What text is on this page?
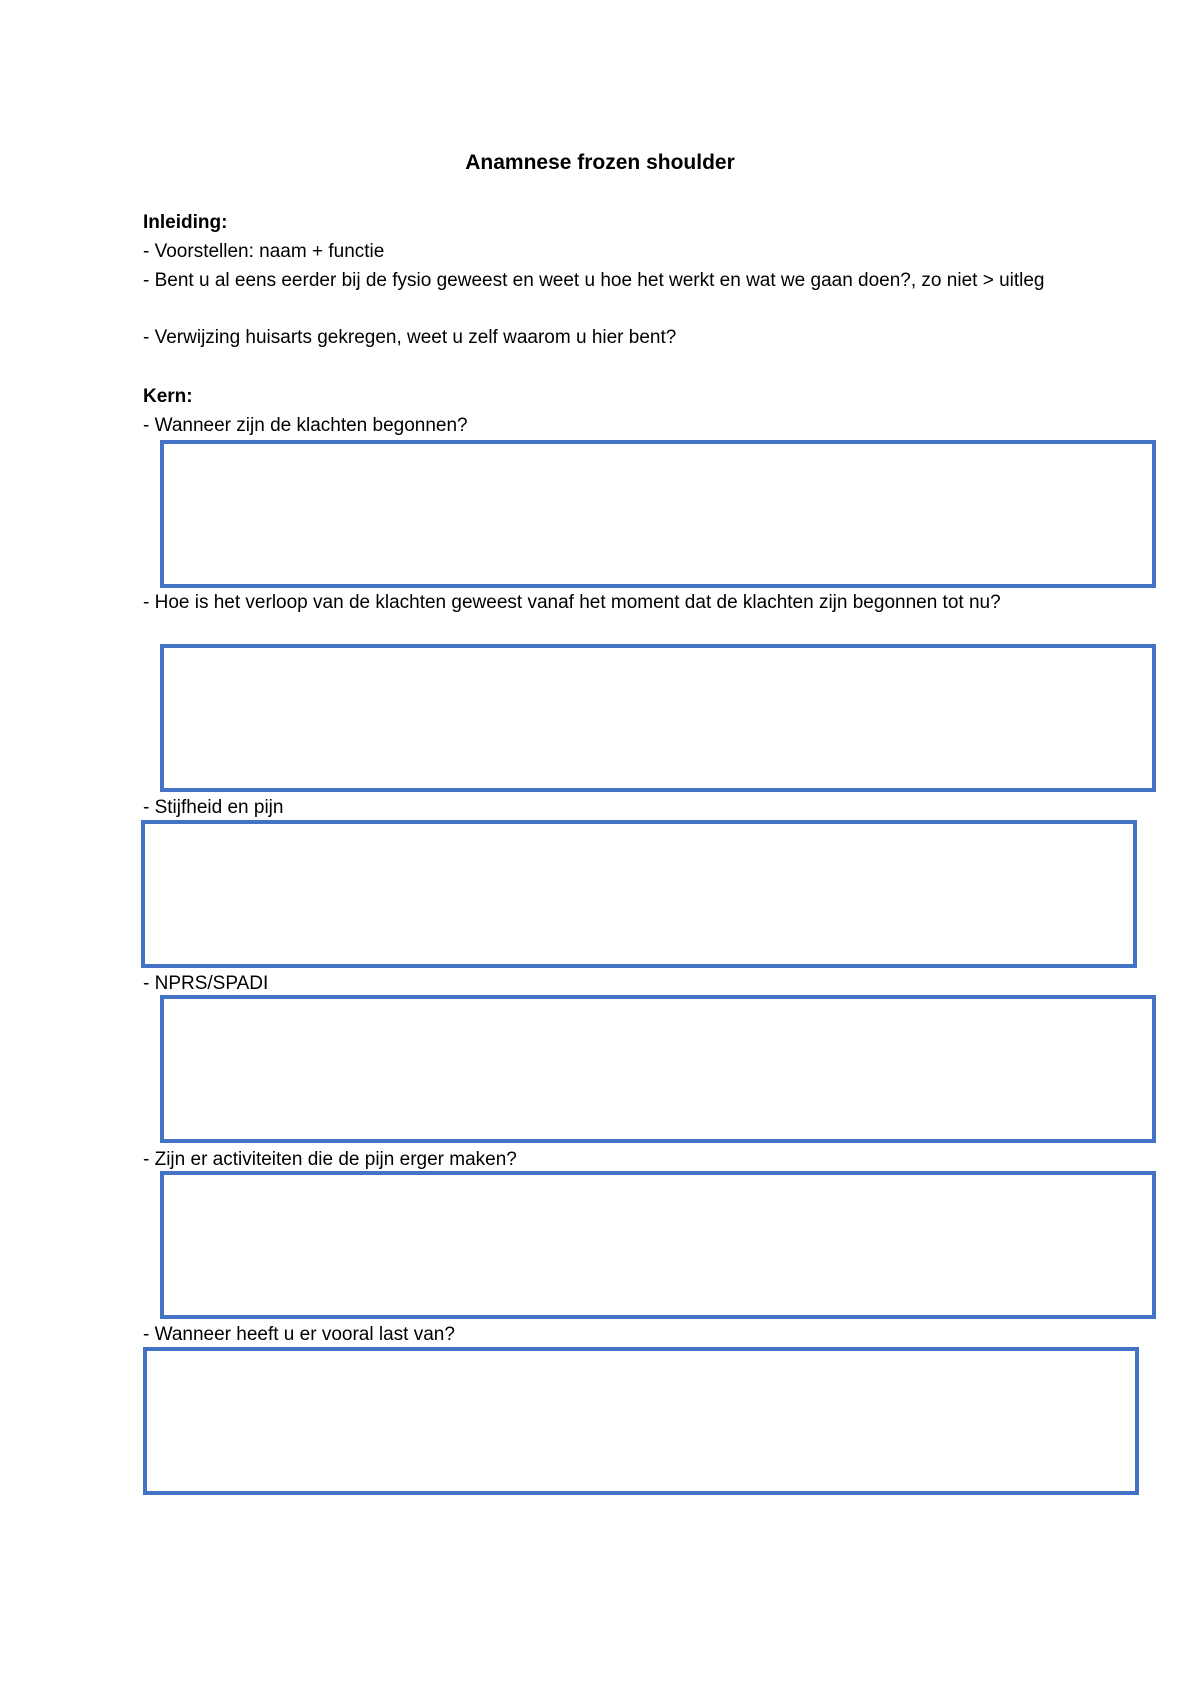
Anamnese frozen shoulder
Inleiding:
- Voorstellen: naam + functie
- Bent u al eens eerder bij de fysio geweest en weet u hoe het werkt en wat we gaan doen?, zo niet > uitleg
- Verwijzing huisarts gekregen, weet u zelf waarom u hier bent?
Kern:
- Wanneer zijn de klachten begonnen?
- Hoe is het verloop van de klachten geweest vanaf het moment dat de klachten zijn begonnen tot nu?
- Stijfheid en pijn
- NPRS/SPADI
- Zijn er activiteiten die de pijn erger maken?
- Wanneer heeft u er vooral last van?
